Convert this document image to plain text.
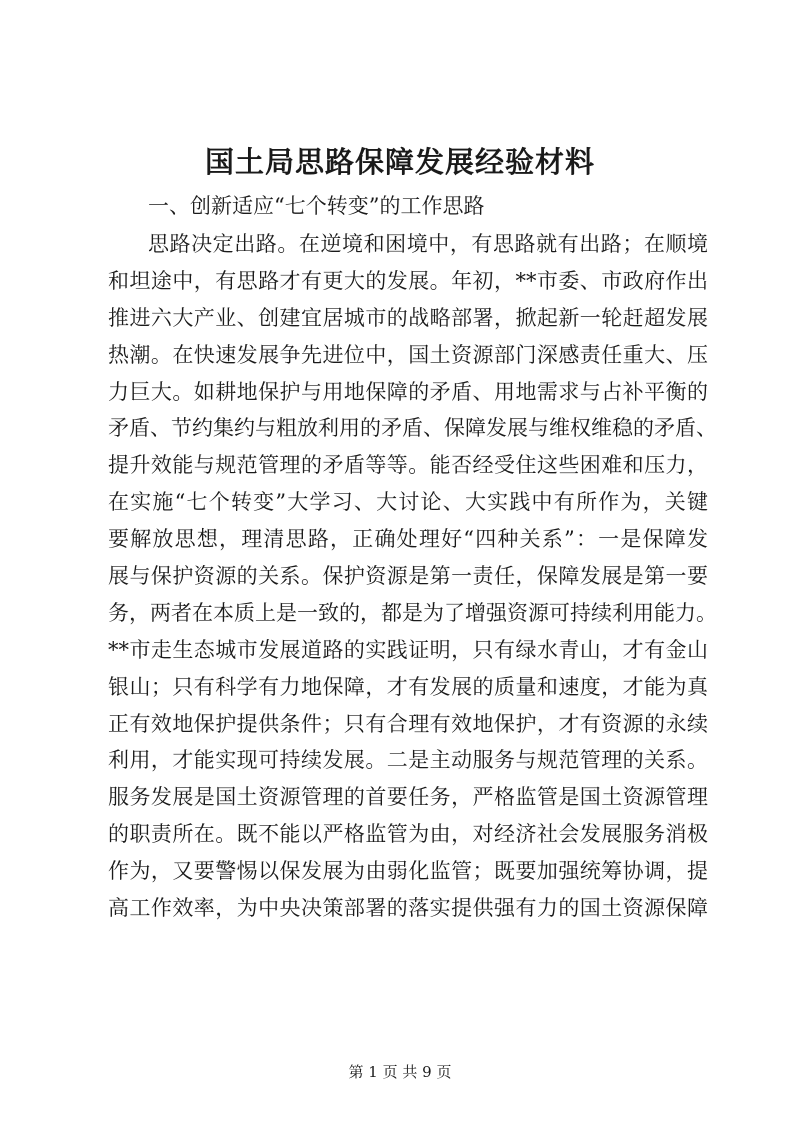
国土局思路保障发展经验材料
一、创新适应“七个转变”的工作思路
思路决定出路。在逆境和困境中，有思路就有出路；在顺境
和坦途中，有思路才有更大的发展。年初，**市委、市政府作出
推进六大产业、创建宜居城市的战略部署，掀起新一轮赶超发展
热潮。在快速发展争先进位中，国土资源部门深感责任重大、压
力巨大。如耕地保护与用地保障的矛盾、用地需求与占补平衡的
矛盾、节约集约与粗放利用的矛盾、保障发展与维权维稳的矛盾、
提升效能与规范管理的矛盾等等。能否经受住这些困难和压力，
在实施“七个转变”大学习、大讨论、大实践中有所作为，关键
要解放思想，理清思路，正确处理好“四种关系”：一是保障发
展与保护资源的关系。保护资源是第一责任，保障发展是第一要
务，两者在本质上是一致的，都是为了增强资源可持续利用能力。
**市走生态城市发展道路的实践证明，只有绿水青山，才有金山
银山；只有科学有力地保障，才有发展的质量和速度，才能为真
正有效地保护提供条件；只有合理有效地保护，才有资源的永续
利用，才能实现可持续发展。二是主动服务与规范管理的关系。
服务发展是国土资源管理的首要任务，严格监管是国土资源管理
的职责所在。既不能以严格监管为由，对经济社会发展服务消极
作为，又要警惕以保发展为由弱化监管；既要加强统筹协调，提
高工作效率，为中央决策部署的落实提供强有力的国土资源保障
第 1 页 共 9 页
